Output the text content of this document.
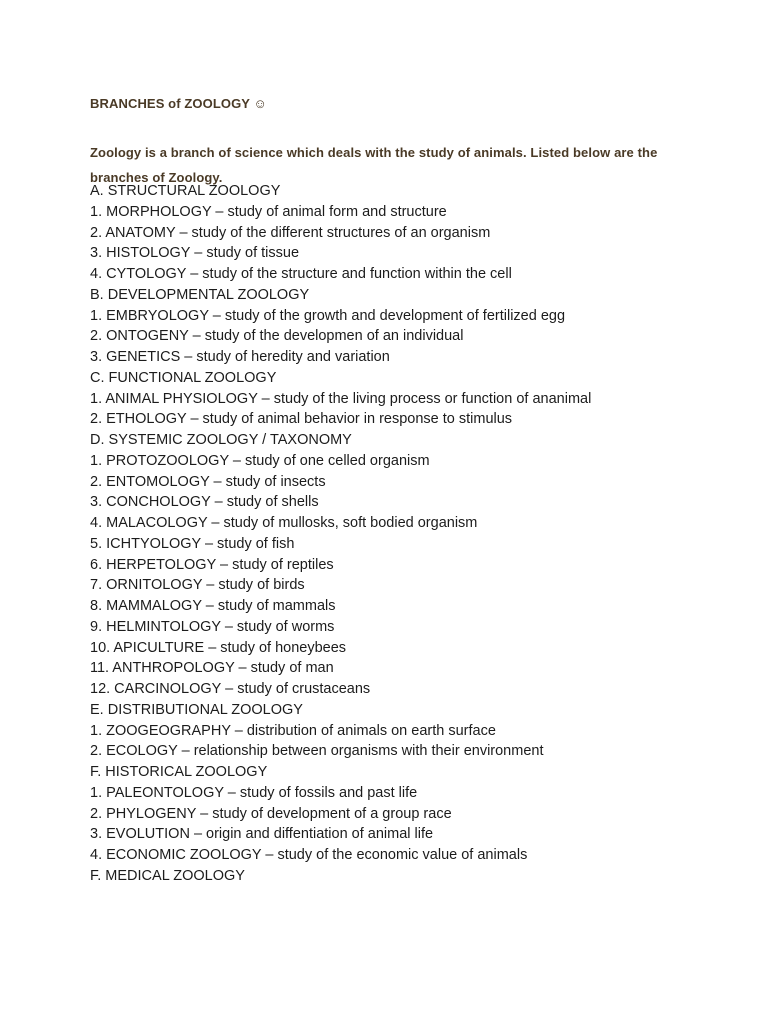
BRANCHES of ZOOLOGY ☺

Zoology is a branch of science which deals with the study of animals. Listed below are the branches of Zoology.

A. STRUCTURAL ZOOLOGY
1. MORPHOLOGY – study of animal form and structure
2. ANATOMY – study of the different structures of an organism
3. HISTOLOGY – study of tissue
4. CYTOLOGY – study of the structure and function within the cell
B. DEVELOPMENTAL ZOOLOGY
1. EMBRYOLOGY – study of the growth and development of fertilized egg
2. ONTOGENY – study of the developmen of an individual
3. GENETICS – study of heredity and variation
C. FUNCTIONAL ZOOLOGY
1. ANIMAL PHYSIOLOGY – study of the living process or function of ananimal
2. ETHOLOGY – study of animal behavior in response to stimulus
D. SYSTEMIC ZOOLOGY / TAXONOMY
1. PROTOZOOLOGY – study of one celled organism
2. ENTOMOLOGY – study of insects
3. CONCHOLOGY – study of shells
4. MALACOLOGY – study of mullosks, soft bodied organism
5. ICHTYOLOGY – study of fish
6. HERPETOLOGY – study of reptiles
7. ORNITOLOGY – study of birds
8. MAMMALOGY – study of mammals
9. HELMINTOLOGY – study of worms
10. APICULTURE – study of honeybees
11. ANTHROPOLOGY – study of man
12. CARCINOLOGY – study of crustaceans
E. DISTRIBUTIONAL ZOOLOGY
1. ZOOGEOGRAPHY – distribution of animals on earth surface
2. ECOLOGY – relationship between organisms with their environment
F. HISTORICAL ZOOLOGY
1. PALEONTOLOGY – study of fossils and past life
2. PHYLOGENY – study of development of a group race
3. EVOLUTION – origin and diffentiation of animal life
4. ECONOMIC ZOOLOGY – study of the economic value of animals
F. MEDICAL ZOOLOGY
